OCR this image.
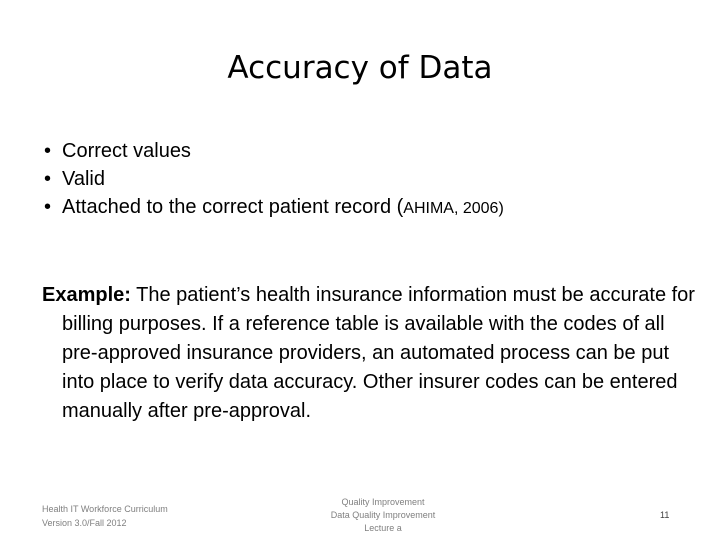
Accuracy of Data
• Correct values
• Valid
• Attached to the correct patient record (AHIMA, 2006)

Example: The patient’s health insurance information must be accurate for billing purposes. If a reference table is available with the codes of all pre-approved insurance providers, an automated process can be put into place to verify data accuracy. Other insurer codes can be entered manually after pre-approval.

Health IT Workforce Curriculum
Version 3.0/Fall 2012
Quality Improvement
Data Quality Improvement
Lecture a
11
